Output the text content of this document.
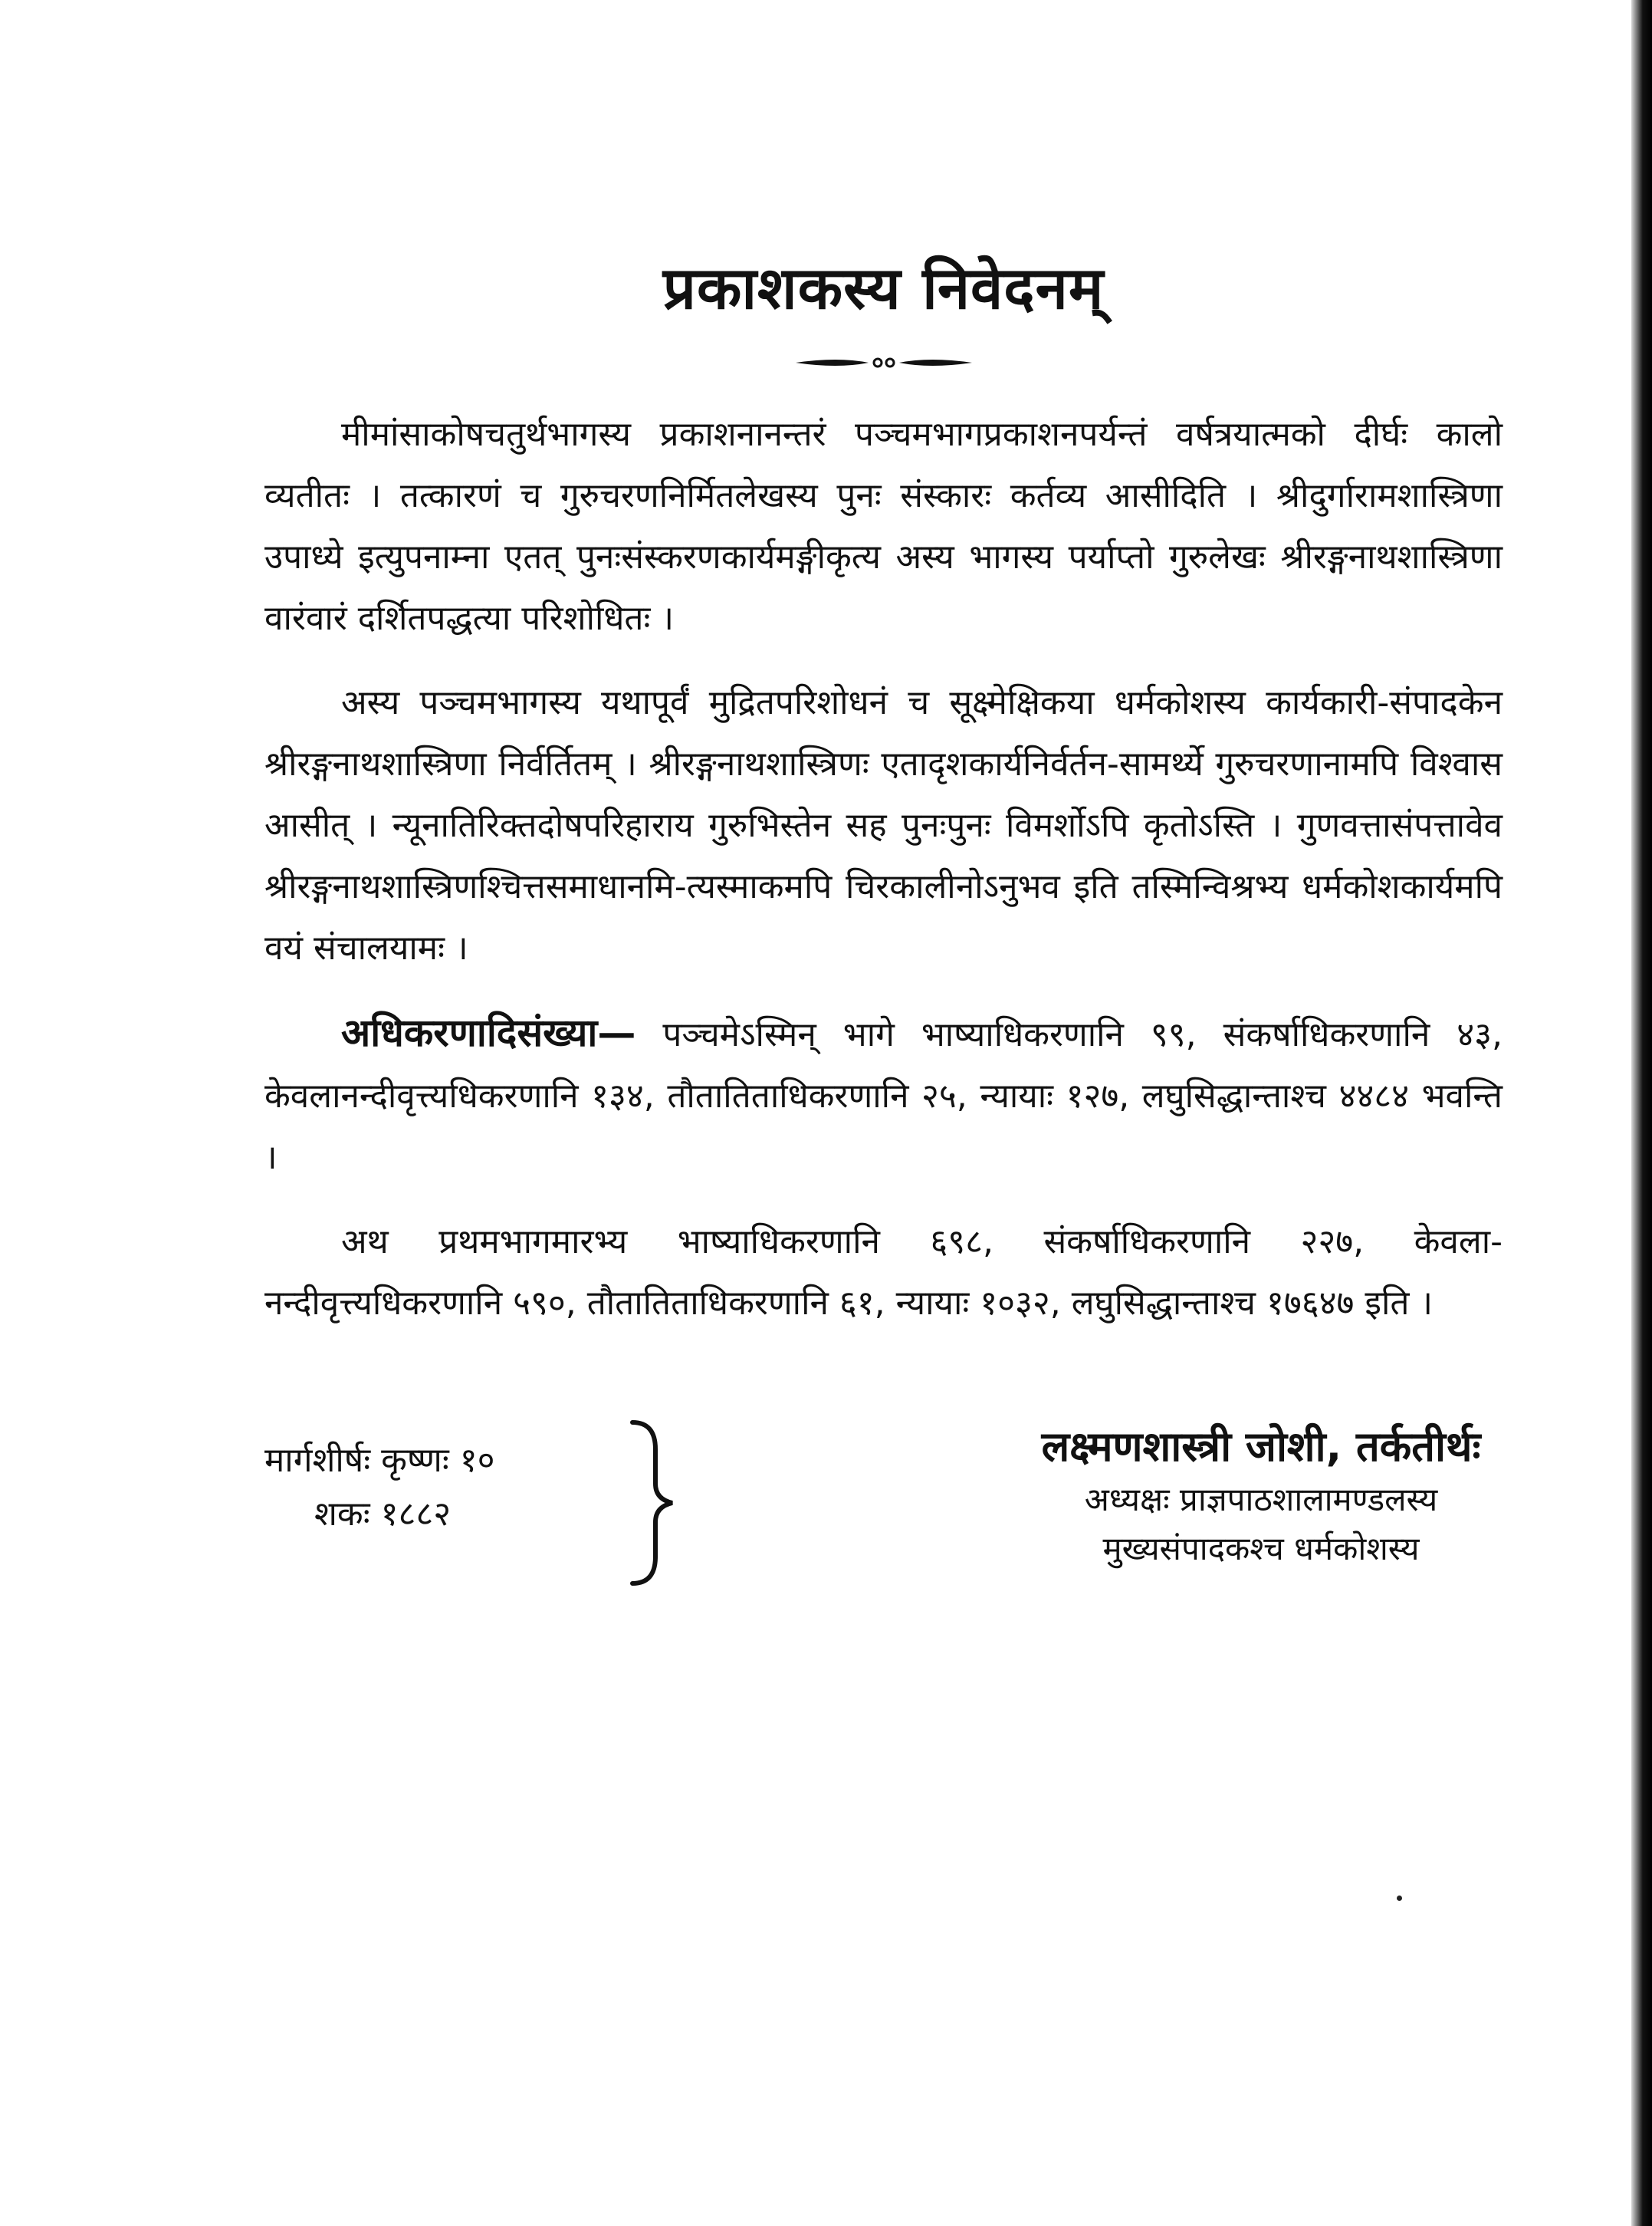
प्रकाशकस्य निवेदनम्

मीमांसाकोषचतुर्थभागस्य प्रकाशनानन्तरं पञ्चमभागप्रकाशनपर्यन्तं वर्षत्रयात्मको दीर्घः कालो व्यतीतः । तत्कारणं च गुरुचरणनिर्मितलेखस्य पुनः संस्कारः कर्तव्य आसीदिति । श्रीदुर्गारामशास्त्रिणा उपाध्ये इत्युपनाम्ना एतत् पुनःसंस्करणकार्यमङ्गीकृत्य अस्य भागस्य पर्याप्तो गुरुलेखः श्रीरङ्गनाथशास्त्रिणा वारंवारं दर्शितपद्धत्या परिशोधितः ।

अस्य पञ्चमभागस्य यथापूर्वं मुद्रितपरिशोधनं च सूक्ष्मेक्षिकया धर्मकोशस्य कार्यकारी-संपादकेन श्रीरङ्गनाथशास्त्रिणा निर्वर्तितम् । श्रीरङ्गनाथशास्त्रिणः एतादृशकार्यनिर्वर्तन-सामर्थ्ये गुरुचरणानामपि विश्वास आसीत् । न्यूनातिरिक्तदोषपरिहाराय गुरुभिस्तेन सह पुनःपुनः विमर्शोऽपि कृतोऽस्ति । गुणवत्तासंपत्तावेव श्रीरङ्गनाथशास्त्रिणश्चित्तसमाधानमि-त्यस्माकमपि चिरकालीनोऽनुभव इति तस्मिन्विश्रभ्य धर्मकोशकार्यमपि वयं संचालयामः ।

अधिकरणादिसंख्या— पञ्चमेऽस्मिन् भागे भाष्याधिकरणानि ९९, संकर्षाधिकरणानि ४३, केवलानन्दीवृत्त्यधिकरणानि १३४, तौतातिताधिकरणानि २५, न्यायाः १२७, लघुसिद्धान्ताश्च ४४८४ भवन्ति ।

अथ प्रथमभागमारभ्य भाष्याधिकरणानि ६९८, संकर्षाधिकरणानि २२७, केवला-नन्दीवृत्त्यधिकरणानि ५९०, तौतातिताधिकरणानि ६१, न्यायाः १०३२, लघुसिद्धान्ताश्च १७६४७ इति ।

मार्गशीर्षः कृष्णः १०
शकः १८८२
लक्ष्मणशास्त्री जोशी, तर्कतीर्थः
अध्यक्षः प्राज्ञपाठशालामण्डलस्य
मुख्यसंपादकश्च धर्मकोशस्य
